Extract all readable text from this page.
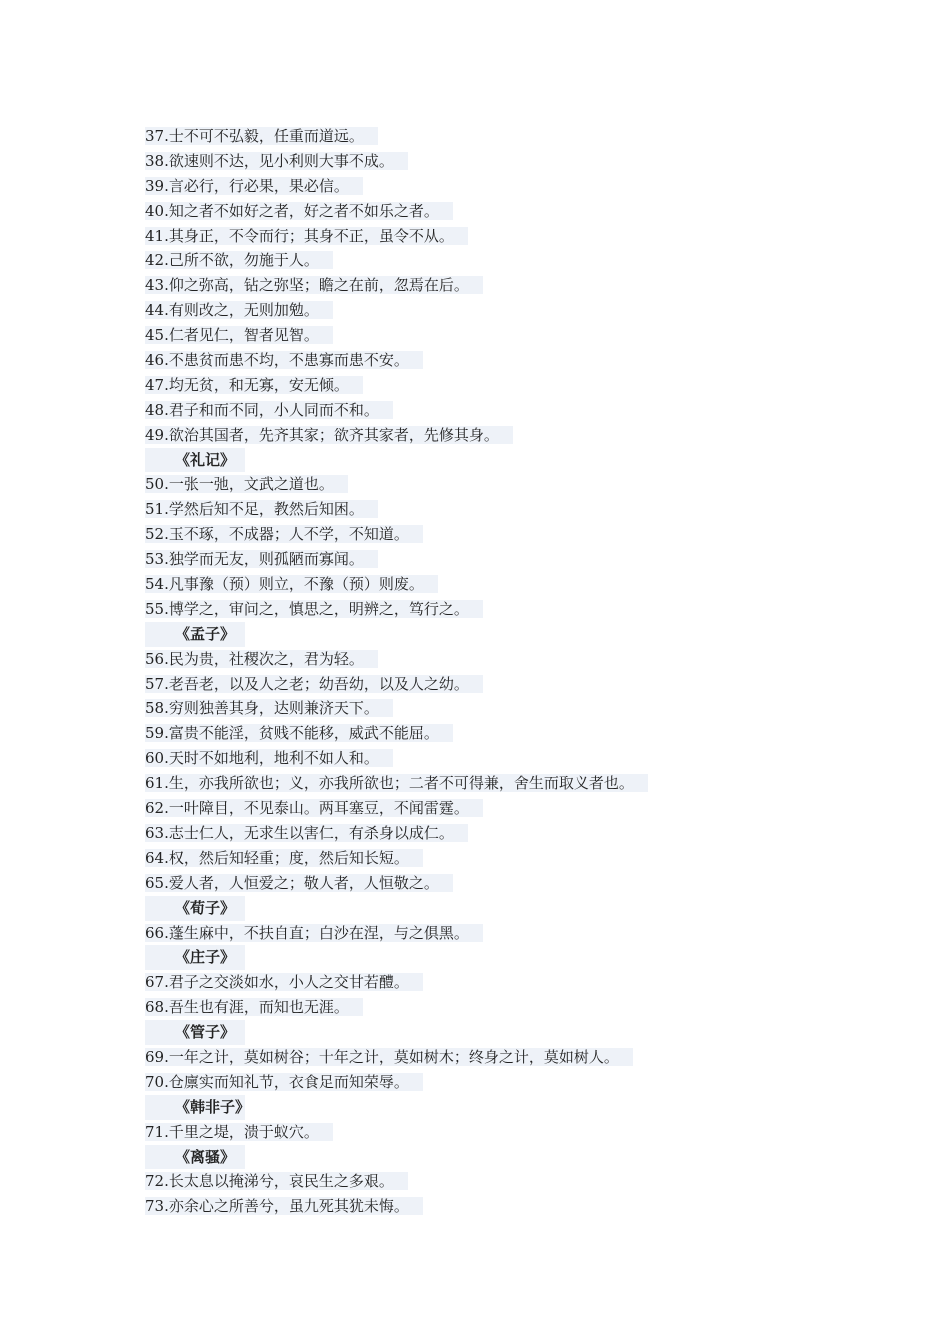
37.士不可不弘毅，任重而道远。
38.欲速则不达，见小利则大事不成。
39.言必行，行必果，果必信。
40.知之者不如好之者，好之者不如乐之者。
41.其身正，不令而行；其身不正，虽令不从。
42.己所不欲，勿施于人。
43.仰之弥高，钻之弥坚；瞻之在前，忽焉在后。
44.有则改之，无则加勉。
45.仁者见仁，智者见智。
46.不患贫而患不均，不患寡而患不安。
47.均无贫，和无寡，安无倾。
48.君子和而不同，小人同而不和。
49.欲治其国者，先齐其家；欲齐其家者，先修其身。
《礼记》
50.一张一弛，文武之道也。
51.学然后知不足，教然后知困。
52.玉不琢，不成器；人不学，不知道。
53.独学而无友，则孤陋而寡闻。
54.凡事豫（预）则立，不豫（预）则废。
55.博学之，审问之，慎思之，明辨之，笃行之。
《孟子》
56.民为贵，社稷次之，君为轻。
57.老吾老，以及人之老；幼吾幼，以及人之幼。
58.穷则独善其身，达则兼济天下。
59.富贵不能淫，贫贱不能移，威武不能屈。
60.天时不如地利，地利不如人和。
61.生，亦我所欲也；义，亦我所欲也；二者不可得兼，舍生而取义者也。
62.一叶障目，不见泰山。两耳塞豆，不闻雷霆。
63.志士仁人，无求生以害仁，有杀身以成仁。
64.权，然后知轻重；度，然后知长短。
65.爱人者，人恒爱之；敬人者，人恒敬之。
《荀子》
66.蓬生麻中，不扶自直；白沙在涅，与之俱黑。
《庄子》
67.君子之交淡如水，小人之交甘若醴。
68.吾生也有涯，而知也无涯。
《管子》
69.一年之计，莫如树谷；十年之计，莫如树木；终身之计，莫如树人。
70.仓廪实而知礼节，衣食足而知荣辱。
《韩非子》
71.千里之堤，溃于蚁穴。
《离骚》
72.长太息以掩涕兮，哀民生之多艰。
73.亦余心之所善兮，虽九死其犹未悔。
